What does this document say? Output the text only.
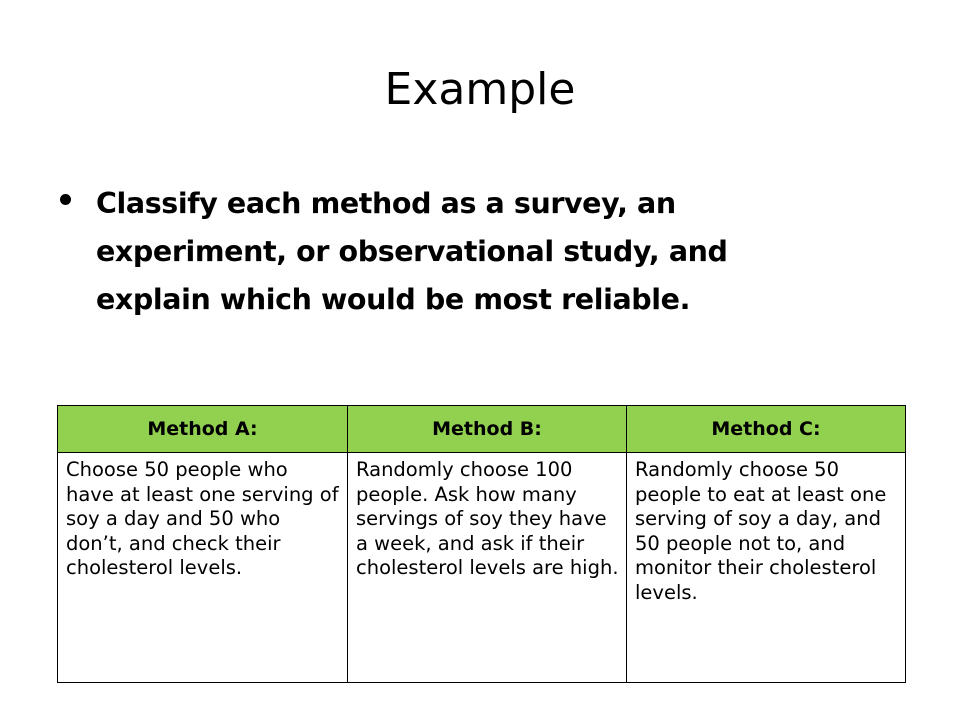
Example
Classify each method as a survey, an experiment, or observational study, and explain which would be most reliable.
Method A:	Method B:	Method C:
Choose 50 people who have at least one serving of soy a day and 50 who don’t, and check their cholesterol levels.	Randomly choose 100 people. Ask how many servings of soy they have a week, and ask if their cholesterol levels are high.	Randomly choose 50 people to eat at least one serving of soy a day, and 50 people not to, and monitor their cholesterol levels.
